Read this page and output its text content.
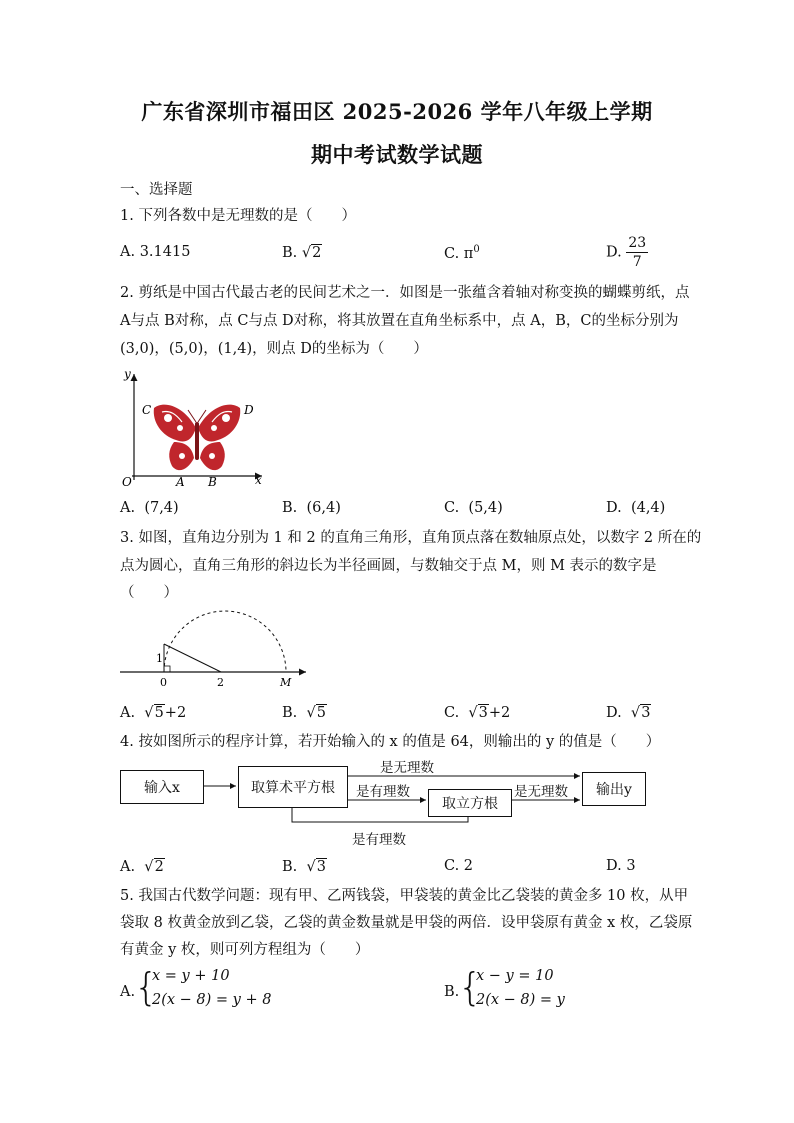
广东省深圳市福田区 2025-2026 学年八年级上学期
期中考试数学试题
一、选择题
1. 下列各数中是无理数的是（　　）
A. 3.1415	B. √2	C. $\pi^0$	D. $\frac{23}{7}$
2. 剪纸是中国古代最古老的民间艺术之一．如图是一张蕴含着轴对称变换的蝴蝶剪纸，点
A与点 B对称，点 C与点 D对称，将其放置在直角坐标系中，点 A，B，C的坐标分别为
(3,0)，(5,0)，(1,4)，则点 D的坐标为（　　）
y
x
O
C	D
A B
A. (7,4)	B. (6,4)	C. (5,4)	D. (4,4)
3. 如图，直角边分别为 1 和 2 的直角三角形，直角顶点落在数轴原点处，以数字 2 所在的
点为圆心，直角三角形的斜边长为半径画圆，与数轴交于点 M，则 M 表示的数字是
（　　）
1
0	2	M
A.  √5+2	B.  √5	C.  √3+2	D.  √3
4. 按如图所示的程序计算，若开始输入的 x 的值是 64，则输出的 y 的值是（　　）
输入x	取算术平方根
取立方根
输出y
是无理数
是有理数	是无理数
是有理数
A.  √2	B.  √3	C. 2	D. 3
5. 我国古代数学问题：现有甲、乙两钱袋，甲袋装的黄金比乙袋装的黄金多 10 枚，从甲
袋取 8 枚黄金放到乙袋，乙袋的黄金数量就是甲袋的两倍．设甲袋原有黄金 x 枚，乙袋原
有黄金 y 枚，则可列方程组为（　　）
A.
{
x = y + 10
2(x − 8) = y + 8	B.
{
x − y = 10
2(x − 8) = y
